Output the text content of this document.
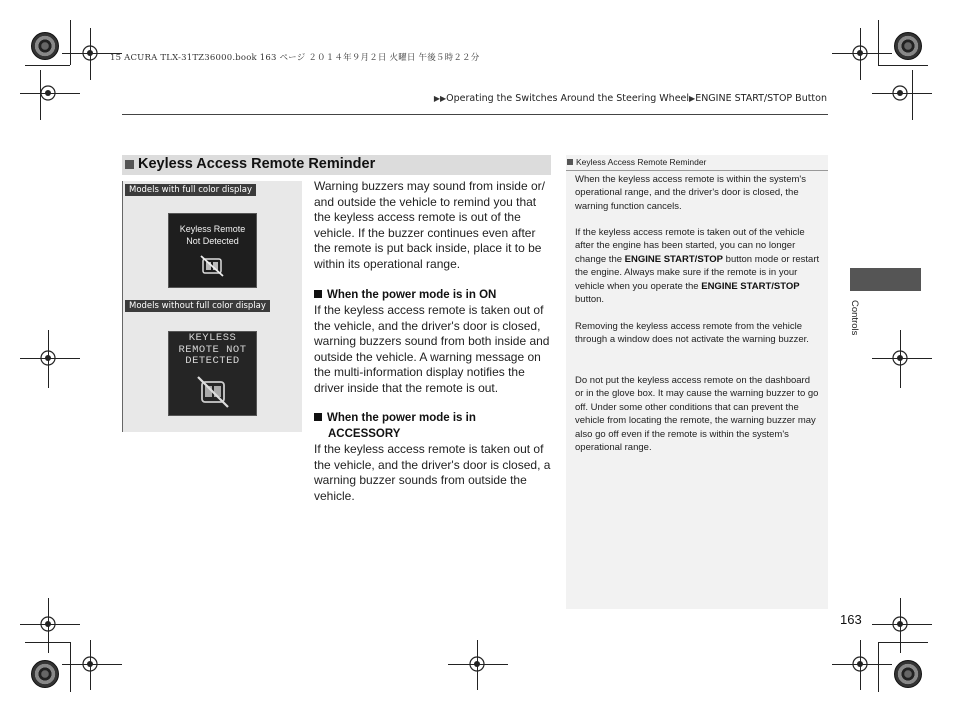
15 ACURA TLX-31TZ36000.book 163 ページ ２０１４年９月２日 火曜日 午後５時２２分
▶▶Operating the Switches Around the Steering Wheel▶ENGINE START/STOP Button
Keyless Access Remote Reminder
Models with full color display
Keyless Remote
Not Detected
Models without full color display
KEYLESS
REMOTE NOT
DETECTED
Warning buzzers may sound from inside or/ and outside the vehicle to remind you that the keyless access remote is out of the vehicle. If the buzzer continues even after the remote is put back inside, place it to be within its operational range.
When the power mode is in ON
If the keyless access remote is taken out of the vehicle, and the driver's door is closed, warning buzzers sound from both inside and outside the vehicle. A warning message on the multi-information display notifies the driver inside that the remote is out.
When the power mode is in
ACCESSORY
If the keyless access remote is taken out of the vehicle, and the driver's door is closed, a warning buzzer sounds from outside the vehicle.
Keyless Access Remote Reminder
When the keyless access remote is within the system's operational range, and the driver's door is closed, the warning function cancels.
If the keyless access remote is taken out of the vehicle after the engine has been started, you can no longer change the ENGINE START/STOP button mode or restart the engine. Always make sure if the remote is in your vehicle when you operate the ENGINE START/STOP button.
Removing the keyless access remote from the vehicle through a window does not activate the warning buzzer.
Do not put the keyless access remote on the dashboard or in the glove box. It may cause the warning buzzer to go off. Under some other conditions that can prevent the vehicle from locating the remote, the warning buzzer may also go off even if the remote is within the system's operational range.
Controls
163
